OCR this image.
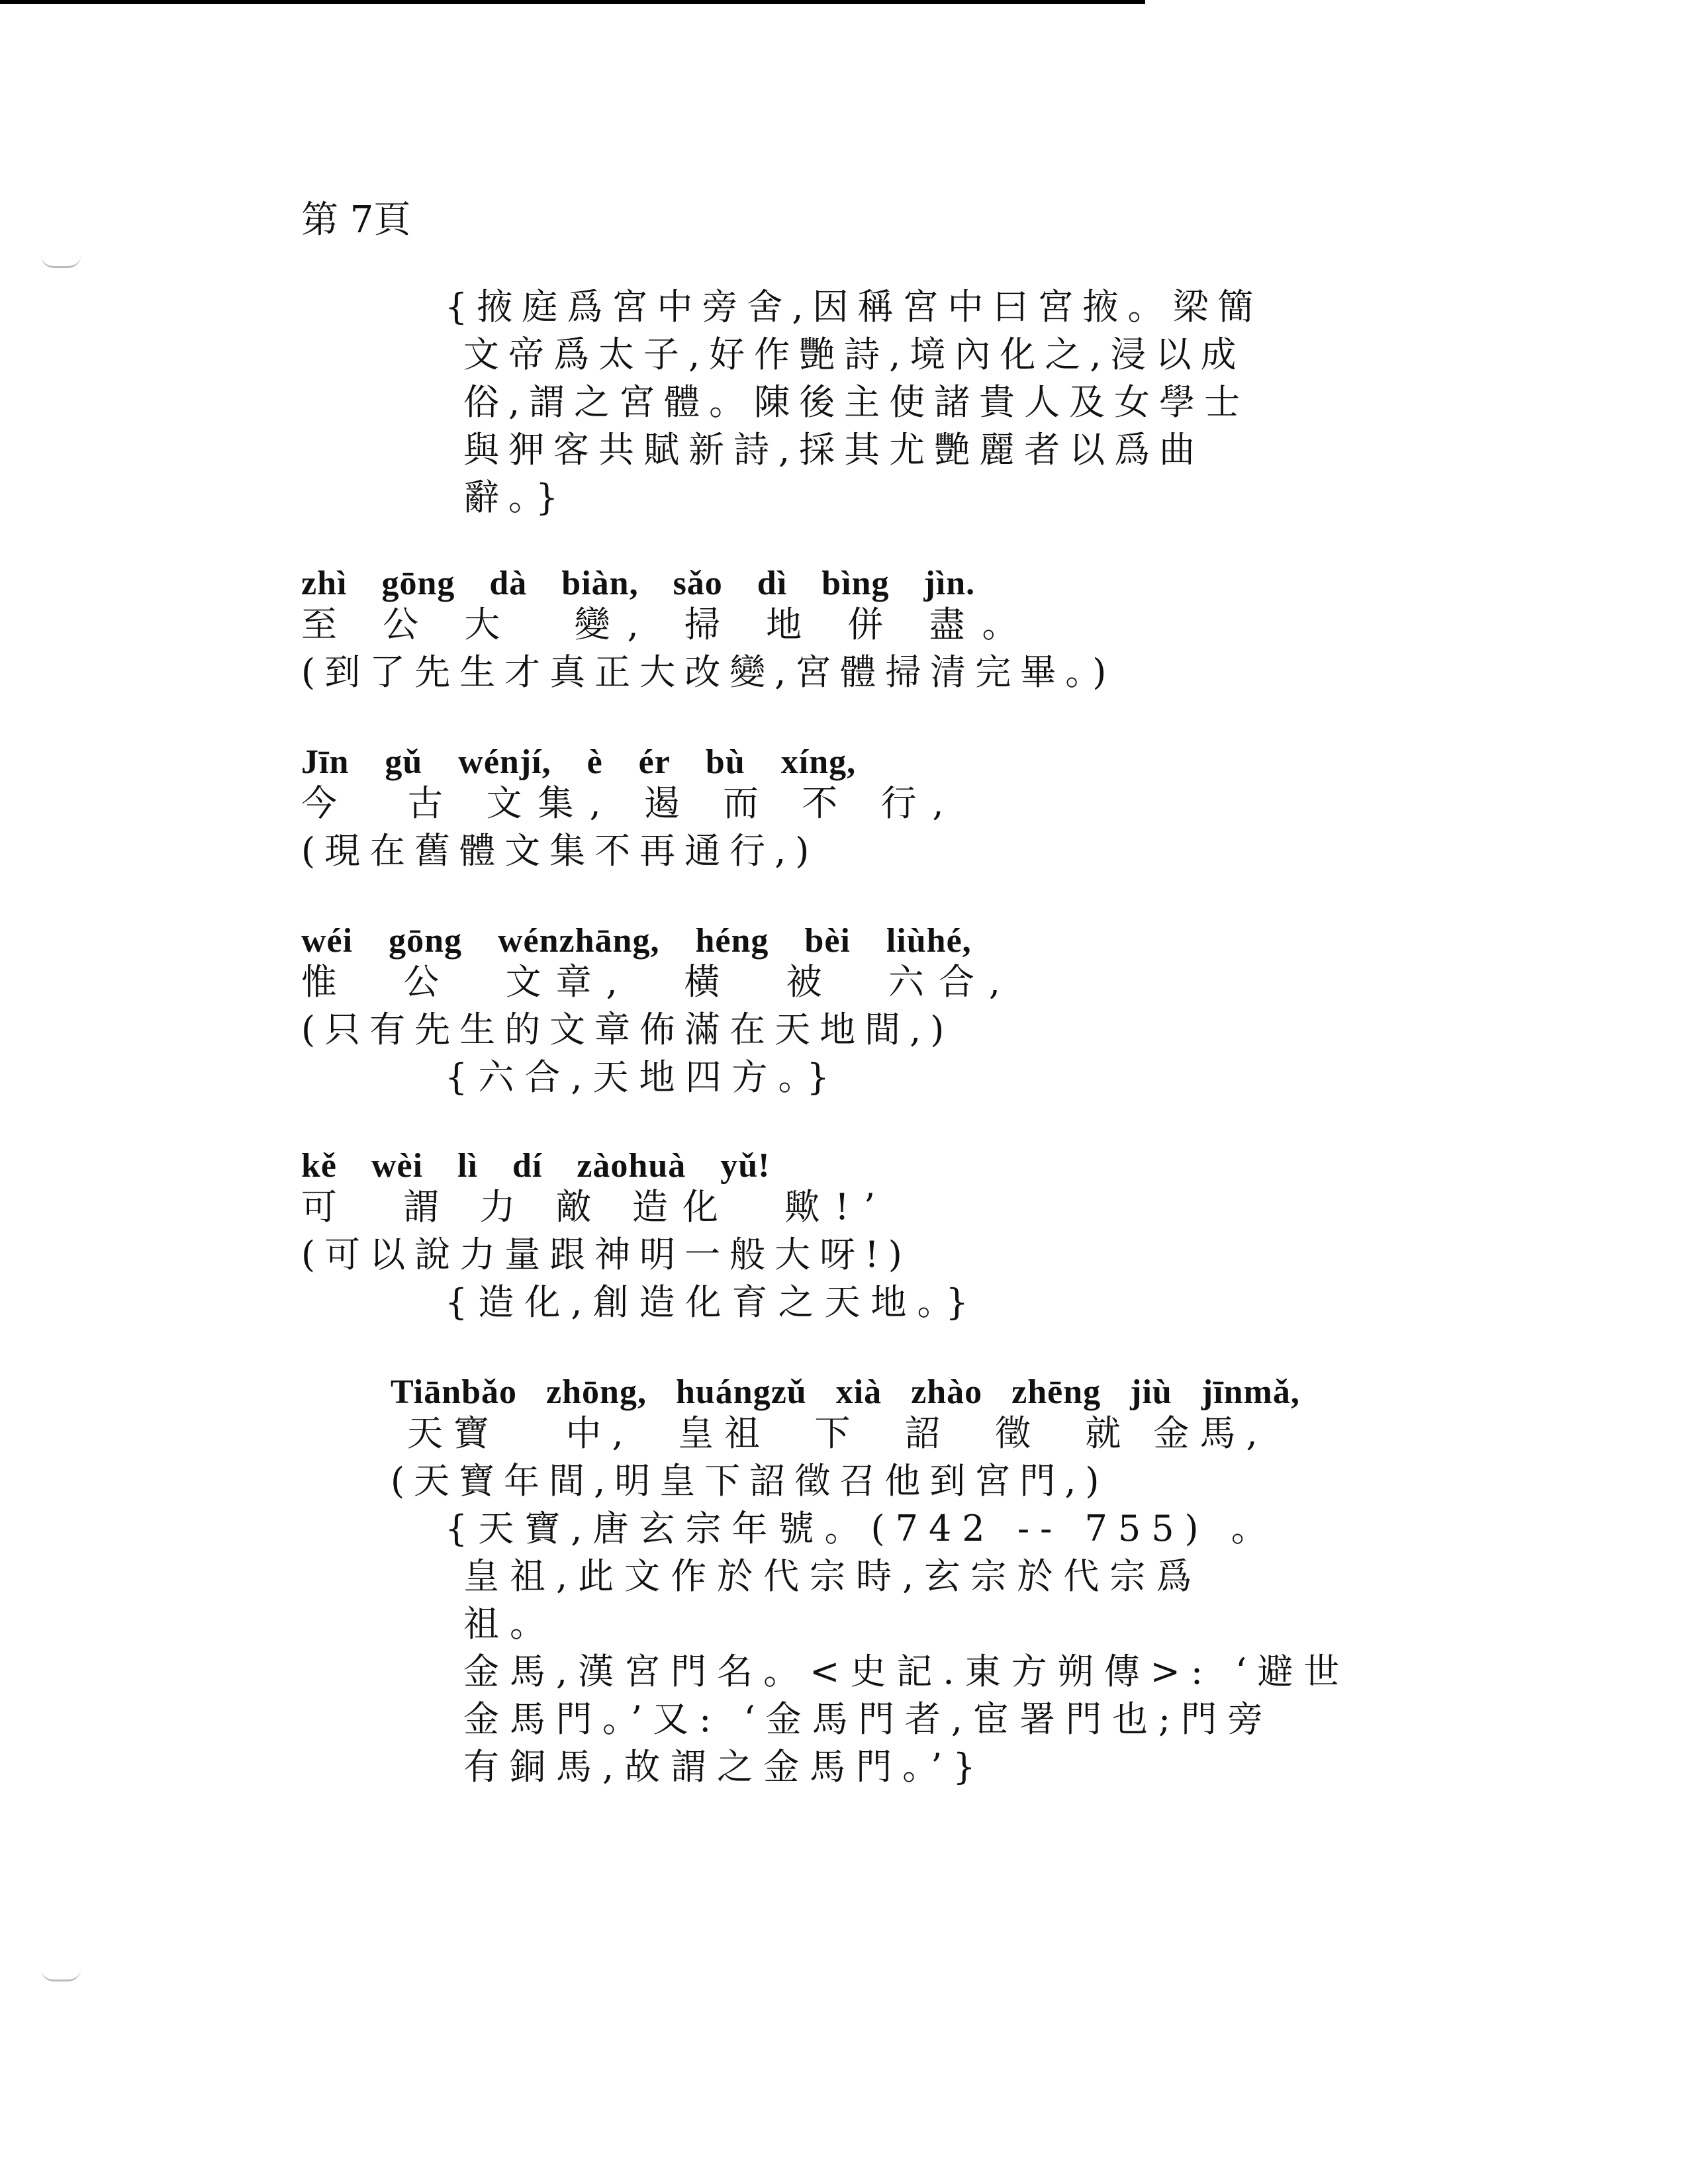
第 7頁
{掖庭爲宮中旁舍,因稱宮中曰宮掖。梁簡
文帝爲太子,好作艷詩,境內化之,浸以成
俗,謂之宮體。陳後主使諸貴人及女學士
與狎客共賦新詩,採其尤艷麗者以爲曲
辭。}
zhì gōng dà biàn, sǎo dì bìng jìn.
至 公 大  變, 掃 地 併 盡。
(到了先生才真正大改變,宮體掃清完畢。)
Jīn gǔ wénjí, è ér bù xíng,
今  古 文集, 遏 而 不 行,
(現在舊體文集不再通行,)
wéi gōng wénzhāng, héng bèi liùhé,
惟  公  文章,  橫  被  六合,
(只有先生的文章佈滿在天地間,)
{六合,天地四方。}
kě wèi lì dí zàohuà yǔ!
可  謂 力 敵 造化  歟!’
(可以說力量跟神明一般大呀!)
{造化,創造化育之天地。}
Tiānbǎo zhōng, huángzǔ xià zhào zhēng jiù jīnmǎ,
天寶   中,  皇祖  下  詔  徵  就 金馬,
(天寶年間,明皇下詔徵召他到宮門,)
{天寶,唐玄宗年號。(742 -- 755) 。
皇祖,此文作於代宗時,玄宗於代宗爲
祖。
金馬,漢宮門名。<史記.東方朔傳>: ‘避世
金馬門。’又: ‘金馬門者,宦署門也;門旁
有銅馬,故謂之金馬門。’}
